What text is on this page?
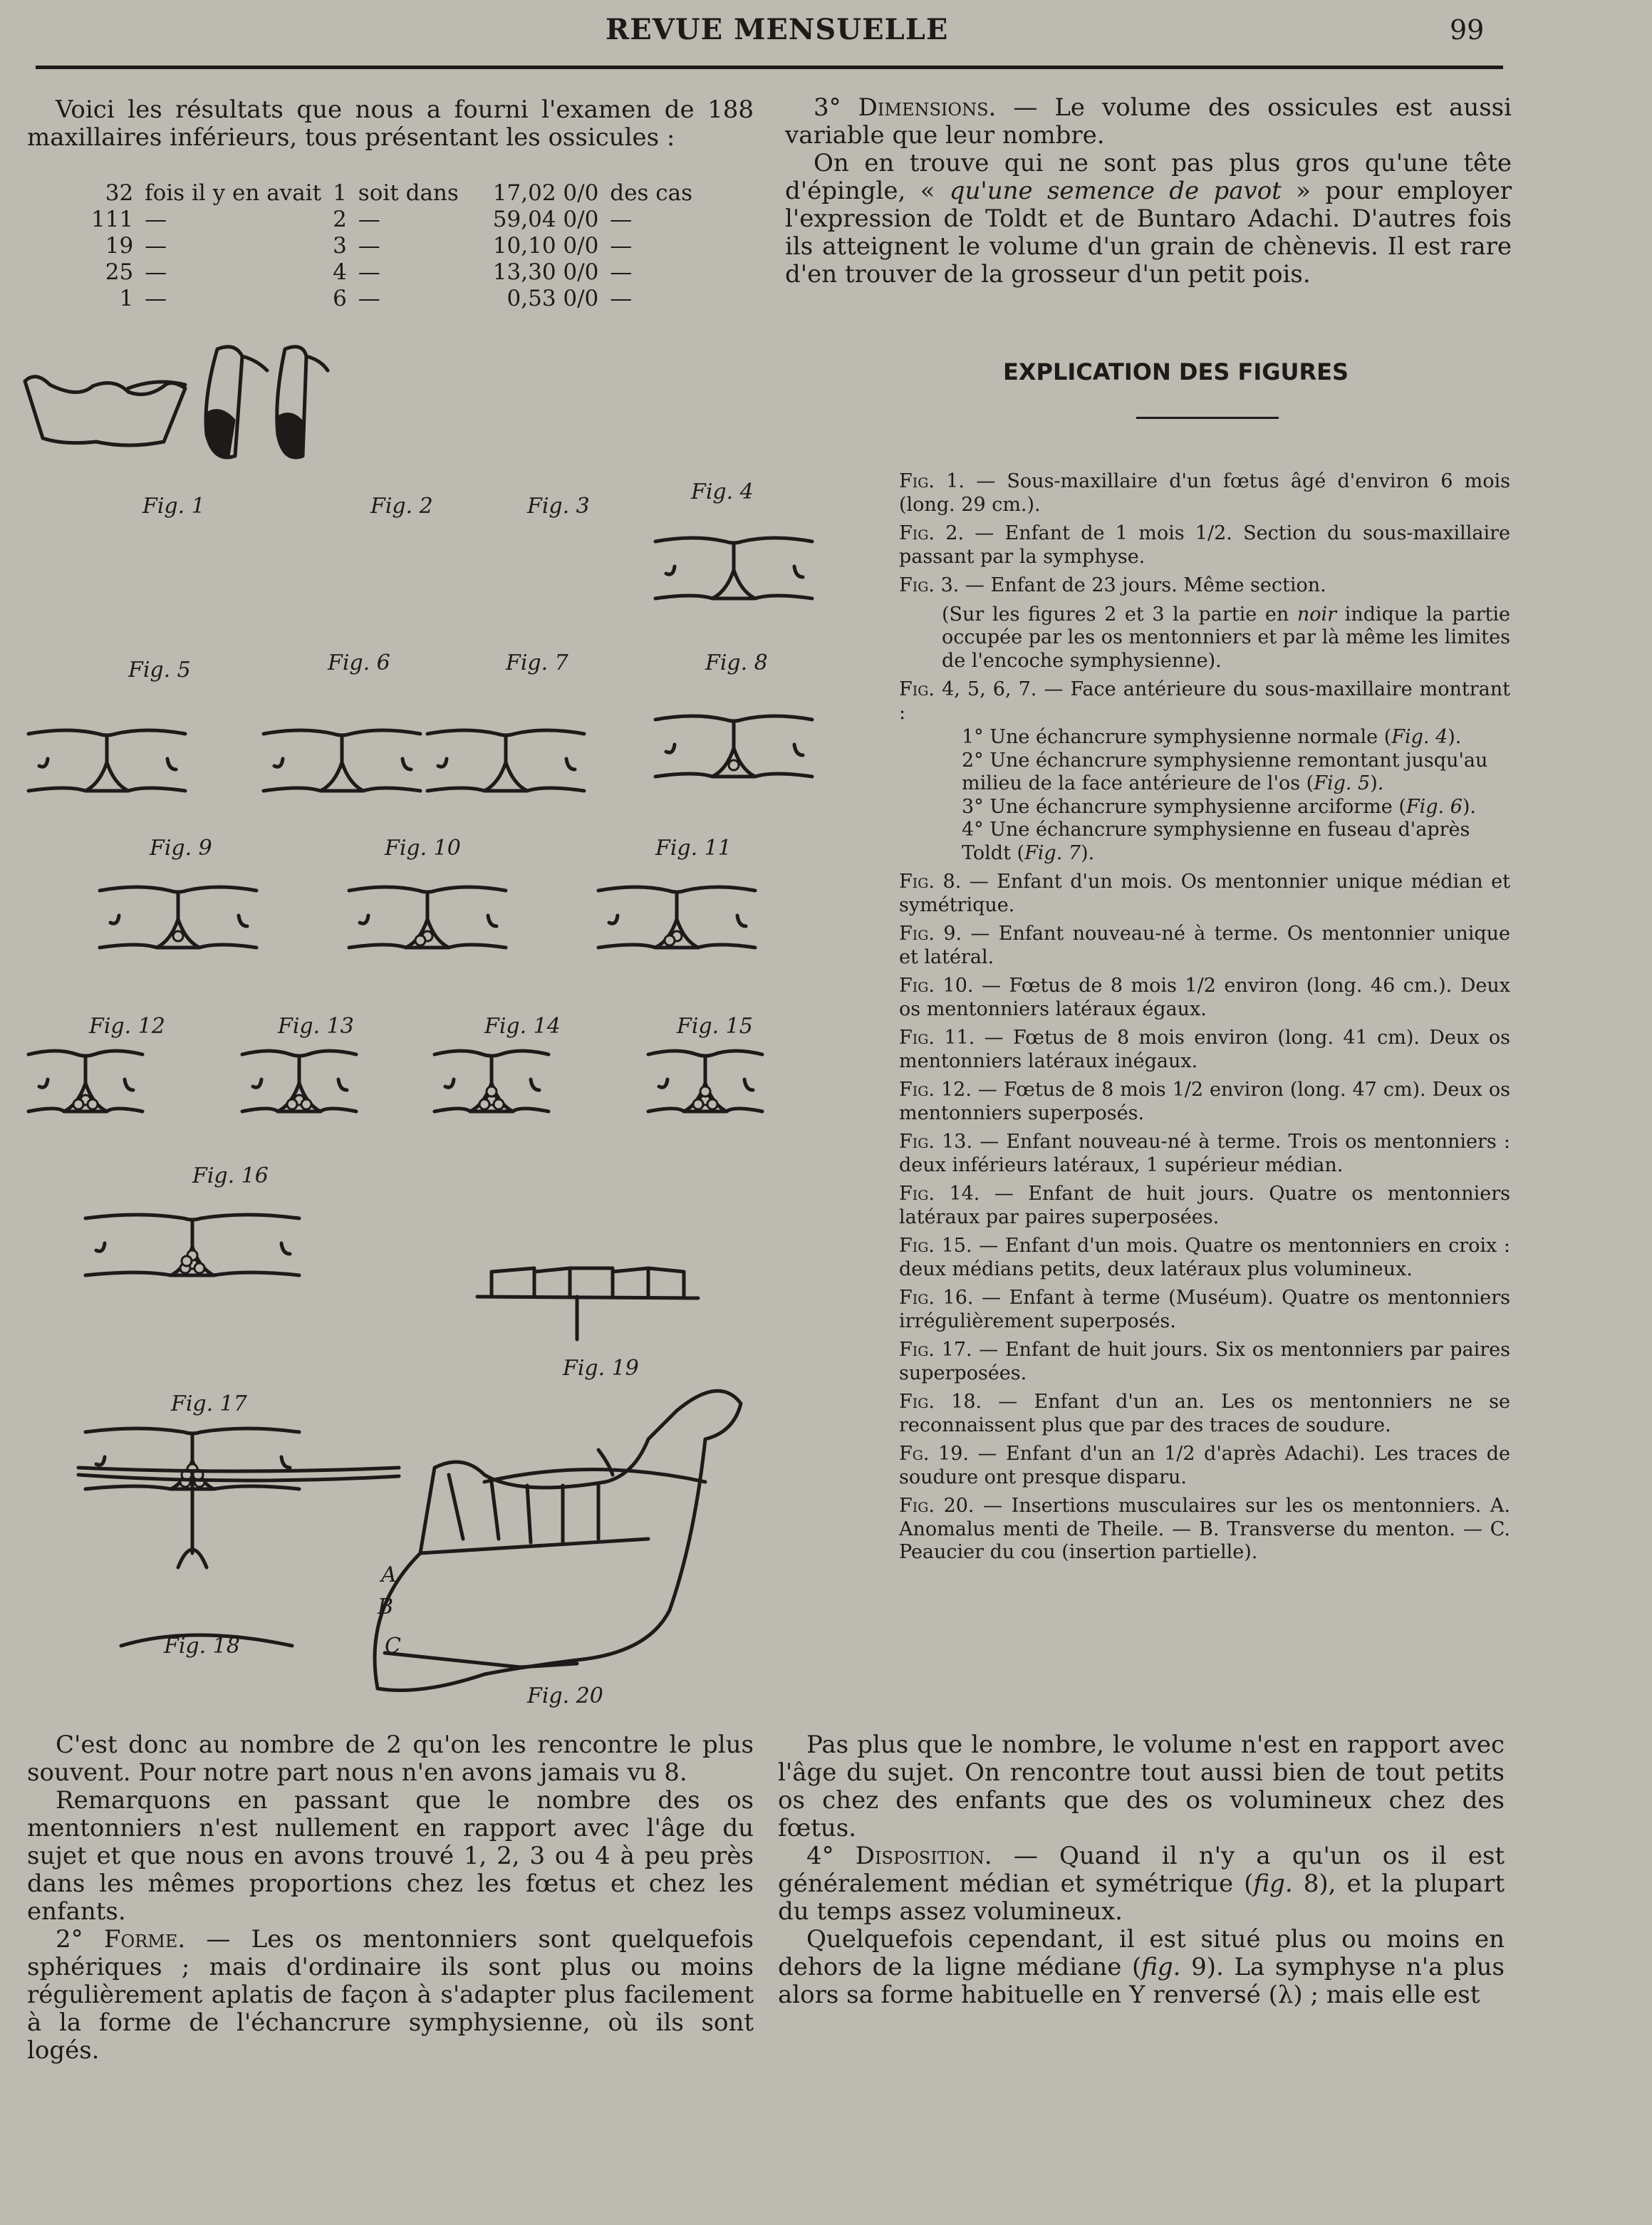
REVUE MENSUELLE	99

Voici les résultats que nous a fourni l'examen de 188 maxillaires inférieurs, tous présentant les ossicules :

32	fois il y en avait	1	soit dans	17,02 0/0	des cas
111	—	2	—	59,04 0/0	—
19	—	3	—	10,10 0/0	—
25	—	4	—	13,30 0/0	—
1	—	6	—	0,53 0/0	—

3° Dimensions. — Le volume des ossicules est aussi variable que leur nombre.

On en trouve qui ne sont pas plus gros qu'une tête d'épingle, « qu'une semence de pavot » pour employer l'expression de Toldt et de Buntaro Adachi. D'autres fois ils atteignent le volume d'un grain de chènevis. Il est rare d'en trouver de la grosseur d'un petit pois.

EXPLICATION DES FIGURES

Fig. 1. — Sous-maxillaire d'un fœtus âgé d'environ 6 mois (long. 29 cm.).

Fig. 2. — Enfant de 1 mois 1/2. Section du sous-maxillaire passant par la symphyse.

Fig. 3. — Enfant de 23 jours. Même section.

(Sur les figures 2 et 3 la partie en noir indique la partie occupée par les os mentonniers et par là même les limites de l'encoche symphysienne).

Fig. 4, 5, 6, 7. — Face antérieure du sous-maxillaire montrant :

1° Une échancrure symphysienne normale (Fig. 4).

2° Une échancrure symphysienne remontant jusqu'au milieu de la face antérieure de l'os (Fig. 5).

3° Une échancrure symphysienne arciforme (Fig. 6).

4° Une échancrure symphysienne en fuseau d'après Toldt (Fig. 7).

Fig. 8. — Enfant d'un mois. Os mentonnier unique médian et symétrique.

Fig. 9. — Enfant nouveau-né à terme. Os mentonnier unique et latéral.

Fig. 10. — Fœtus de 8 mois 1/2 environ (long. 46 cm.). Deux os mentonniers latéraux égaux.

Fig. 11. — Fœtus de 8 mois environ (long. 41 cm). Deux os mentonniers latéraux inégaux.

Fig. 12. — Fœtus de 8 mois 1/2 environ (long. 47 cm). Deux os mentonniers superposés.

Fig. 13. — Enfant nouveau-né à terme. Trois os mentonniers : deux inférieurs latéraux, 1 supérieur médian.

Fig. 14. — Enfant de huit jours. Quatre os mentonniers latéraux par paires superposées.

Fig. 15. — Enfant d'un mois. Quatre os mentonniers en croix : deux médians petits, deux latéraux plus volumineux.

Fig. 16. — Enfant à terme (Muséum). Quatre os mentonniers irrégulièrement superposés.

Fig. 17. — Enfant de huit jours. Six os mentonniers par paires superposées.

Fig. 18. — Enfant d'un an. Les os mentonniers ne se reconnaissent plus que par des traces de soudure.

Fg. 19. — Enfant d'un an 1/2 d'après Adachi). Les traces de soudure ont presque disparu.

Fig. 20. — Insertions musculaires sur les os mentonniers. A. Anomalus menti de Theile. — B. Transverse du menton. — C. Peaucier du cou (insertion partielle).

Fig. 1	Fig. 2	Fig. 3
Fig. 4
Fig. 5	Fig. 6	Fig. 7	Fig. 8
Fig. 9	Fig. 10	Fig. 11
Fig. 12	Fig. 13	Fig. 14	Fig. 15
Fig. 16
Fig. 17
Fig. 18
Fig. 19
Fig. 20
A
B
C

C'est donc au nombre de 2 qu'on les rencontre le plus souvent. Pour notre part nous n'en avons jamais vu 8.

Remarquons en passant que le nombre des os mentonniers n'est nullement en rapport avec l'âge du sujet et que nous en avons trouvé 1, 2, 3 ou 4 à peu près dans les mêmes proportions chez les fœtus et chez les enfants.

2° Forme. — Les os mentonniers sont quelquefois sphériques ; mais d'ordinaire ils sont plus ou moins régulièrement aplatis de façon à s'adapter plus facilement à la forme de l'échancrure symphysienne, où ils sont logés.

Pas plus que le nombre, le volume n'est en rapport avec l'âge du sujet. On rencontre tout aussi bien de tout petits os chez des enfants que des os volumineux chez des fœtus.

4° Disposition. — Quand il n'y a qu'un os il est généralement médian et symétrique (fig. 8), et la plupart du temps assez volumineux.

Quelquefois cependant, il est situé plus ou moins en dehors de la ligne médiane (fig. 9). La symphyse n'a plus alors sa forme habituelle en Y renversé (λ) ; mais elle est
